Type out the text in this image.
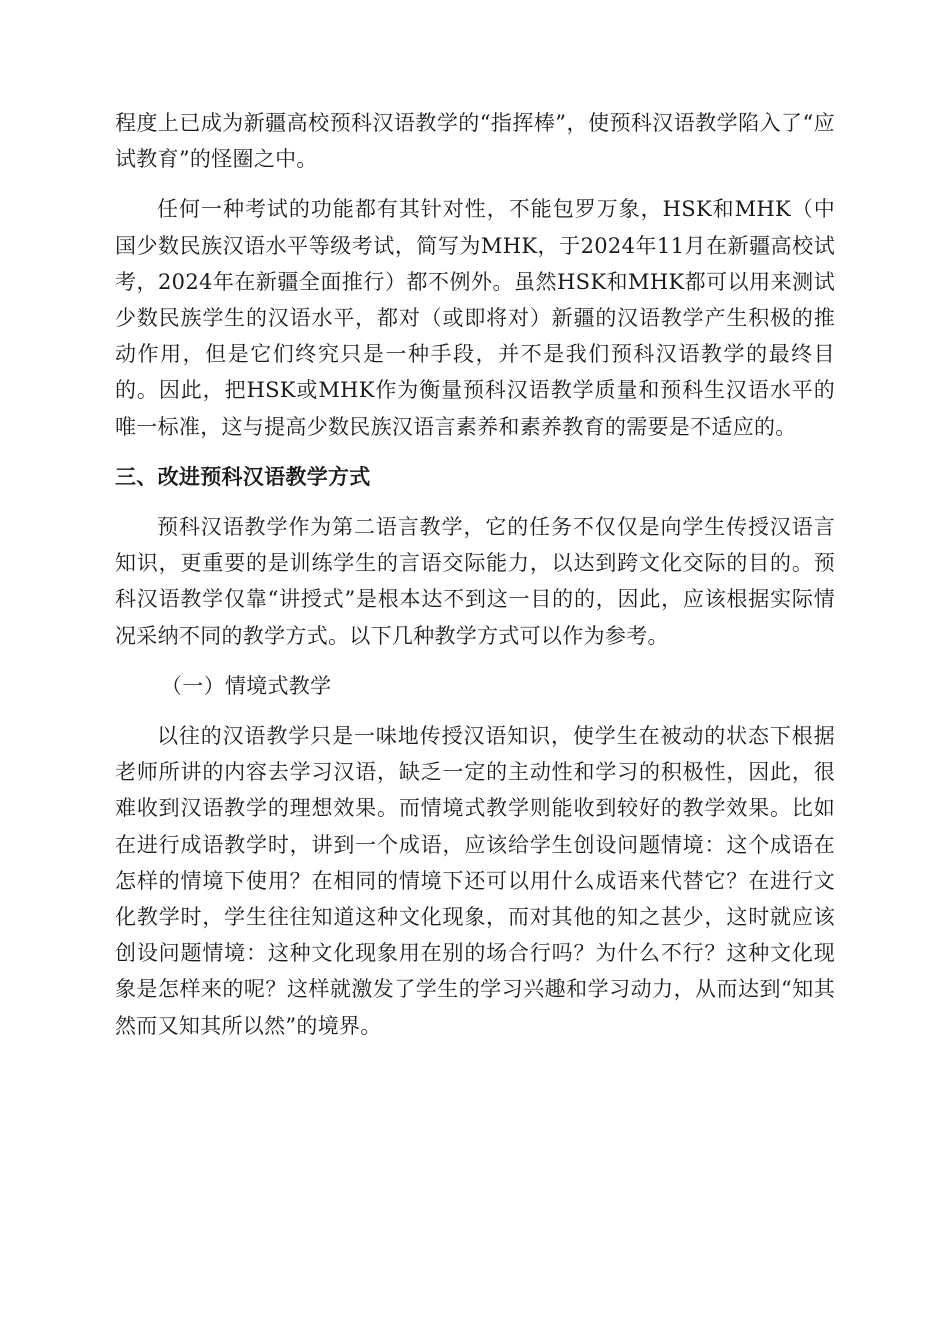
程度上已成为新疆高校预科汉语教学的“指挥棒”，使预科汉语教学陷入了“应试教育”的怪圈之中。

任何一种考试的功能都有其针对性，不能包罗万象，HSK和MHK（中国少数民族汉语水平等级考试，简写为MHK，于2024年11月在新疆高校试考，2024年在新疆全面推行）都不例外。虽然HSK和MHK都可以用来测试少数民族学生的汉语水平，都对（或即将对）新疆的汉语教学产生积极的推动作用，但是它们终究只是一种手段，并不是我们预科汉语教学的最终目的。因此，把HSK或MHK作为衡量预科汉语教学质量和预科生汉语水平的唯一标准，这与提高少数民族汉语言素养和素养教育的需要是不适应的。

三、改进预科汉语教学方式

预科汉语教学作为第二语言教学，它的任务不仅仅是向学生传授汉语言知识，更重要的是训练学生的言语交际能力，以达到跨文化交际的目的。预科汉语教学仅靠“讲授式”是根本达不到这一目的的，因此，应该根据实际情况采纳不同的教学方式。以下几种教学方式可以作为参考。

（一）情境式教学

以往的汉语教学只是一味地传授汉语知识，使学生在被动的状态下根据老师所讲的内容去学习汉语，缺乏一定的主动性和学习的积极性，因此，很难收到汉语教学的理想效果。而情境式教学则能收到较好的教学效果。比如在进行成语教学时，讲到一个成语，应该给学生创设问题情境：这个成语在怎样的情境下使用？在相同的情境下还可以用什么成语来代替它？在进行文化教学时，学生往往知道这种文化现象，而对其他的知之甚少，这时就应该创设问题情境：这种文化现象用在别的场合行吗？为什么不行？这种文化现象是怎样来的呢？这样就激发了学生的学习兴趣和学习动力，从而达到“知其然而又知其所以然”的境界。
